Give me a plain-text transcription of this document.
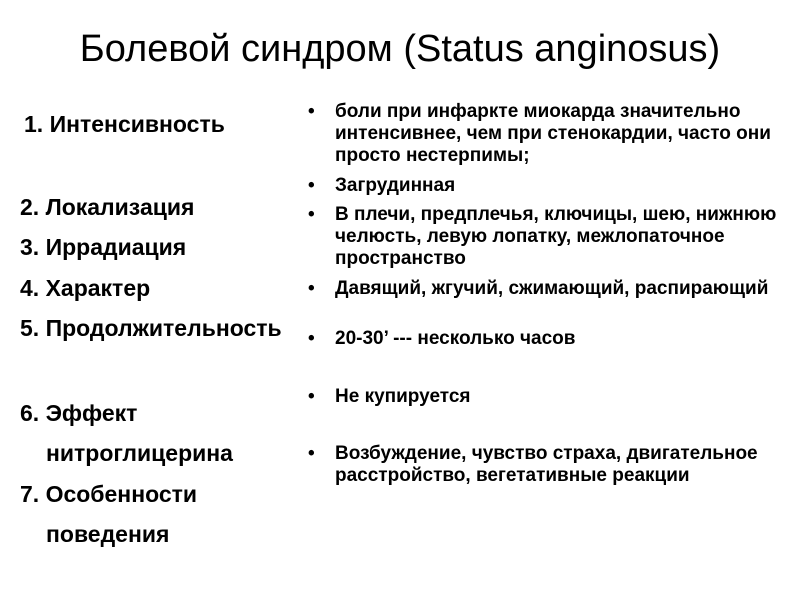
Болевой синдром (Status anginosus)
1. Интенсивность
2. Локализация
3. Иррадиация
4. Характер
5. Продолжительность
6. Эффект
нитроглицерина
7. Особенности
поведения
• боли при инфаркте миокарда значительно интенсивнее, чем при стенокардии, часто они просто нестерпимы;
• Загрудинная
• В плечи, предплечья, ключицы, шею, нижнюю челюсть, левую лопатку, межлопаточное пространство
• Давящий, жгучий, сжимающий, распирающий
• 20-30’ --- несколько часов
• Не купируется
• Возбуждение, чувство страха, двигательное расстройство, вегетативные реакции
